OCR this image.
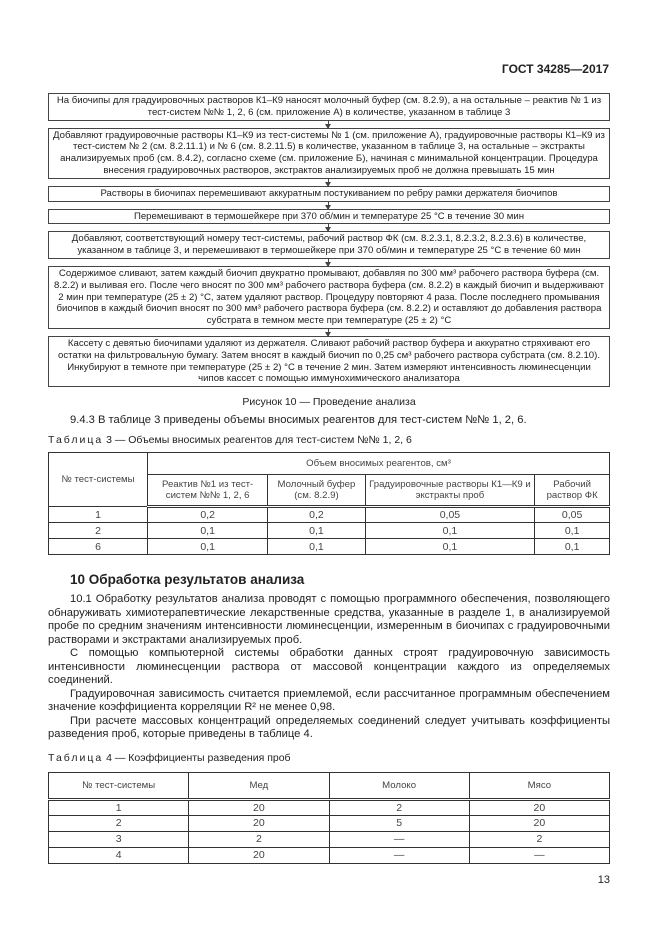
ГОСТ 34285—2017
На биочипы для градуировочных растворов К1–К9 наносят молочный буфер (см. 8.2.9), а на остальные – реактив № 1 из тест-систем №№ 1, 2, 6 (см. приложение А) в количестве, указанном в таблице 3
Добавляют градуировочные растворы К1–К9 из тест-системы № 1 (см. приложение А), градуировочные растворы К1–К9 из тест-систем № 2 (см. 8.2.11.1) и № 6 (см. 8.2.11.5) в количестве, указанном в таблице 3, на остальные – экстракты анализируемых проб (см. 8.4.2), согласно схеме (см. приложение Б), начиная с минимальной концентрации. Процедура внесения градуировочных растворов, экстрактов анализируемых проб не должна превышать 15 мин
Растворы в биочипах перемешивают аккуратным постукиванием по ребру рамки держателя биочипов
Перемешивают в термошейкере при 370 об/мин и температуре 25 °С в течение 30 мин
Добавляют, соответствующий номеру тест-системы, рабочий раствор ФК (см. 8.2.3.1, 8.2.3.2, 8.2.3.6) в количестве, указанном в таблице 3, и перемешивают в термошейкере при 370 об/мин и температуре 25 °С в течение 60 мин
Содержимое сливают, затем каждый биочип двукратно промывают, добавляя по 300 мм³ рабочего раствора буфера (см. 8.2.2) и выливая его. После чего вносят по 300 мм³ рабочего раствора буфера (см. 8.2.2) в каждый биочип и выдерживают 2 мин при температуре (25 ± 2) °С, затем удаляют раствор. Процедуру повторяют 4 раза. После последнего промывания биочипов в каждый биочип вносят по 300 мм³ рабочего раствора буфера (см. 8.2.2) и оставляют до добавления раствора субстрата в темном месте при температуре (25 ± 2) °С
Кассету с девятью биочипами удаляют из держателя. Сливают рабочий раствор буфера и аккуратно стряхивают его остатки на фильтровальную бумагу. Затем вносят в каждый биочип по 0,25 см³ рабочего раствора субстрата (см. 8.2.10). Инкубируют в темноте при температуре (25 ± 2) °С в течение 2 мин. Затем измеряют интенсивность люминесценции чипов кассет с помощью иммунохимического анализатора
Рисунок 10 — Проведение анализа
9.4.3 В таблице 3 приведены объемы вносимых реагентов для тест-систем №№ 1, 2, 6.
Таблица 3 — Объемы вносимых реагентов для тест-систем №№ 1, 2, 6
№ тест-системы	Объем вносимых реагентов, см³			
	Реактив №1 из тест-систем №№ 1, 2, 6	Молочный буфер (см. 8.2.9)	Градуировочные растворы К1—К9 и экстракты проб	Рабочий раствор ФК
1	0,2	0,2	0,05	0,05
2	0,1	0,1	0,1	0,1
6	0,1	0,1	0,1	0,1
10 Обработка результатов анализа
10.1 Обработку результатов анализа проводят с помощью программного обеспечения, позволяющего обнаруживать химиотерапевтические лекарственные средства, указанные в разделе 1, в анализируемой пробе по средним значениям интенсивности люминесценции, измеренным в биочипах с градуировочными растворами и экстрактами анализируемых проб.
С помощью компьютерной системы обработки данных строят градуировочную зависимость интенсивности люминесценции раствора от массовой концентрации каждого из определяемых соединений.
Градуировочная зависимость считается приемлемой, если рассчитанное программным обеспечением значение коэффициента корреляции R² не менее 0,98.
При расчете массовых концентраций определяемых соединений следует учитывать коэффициенты разведения проб, которые приведены в таблице 4.
Таблица 4 — Коэффициенты разведения проб
№ тест-системы	Мед	Молоко	Мясо
1	20	2	20
2	20	5	20
3	2	—	2
4	20	—	—
13
